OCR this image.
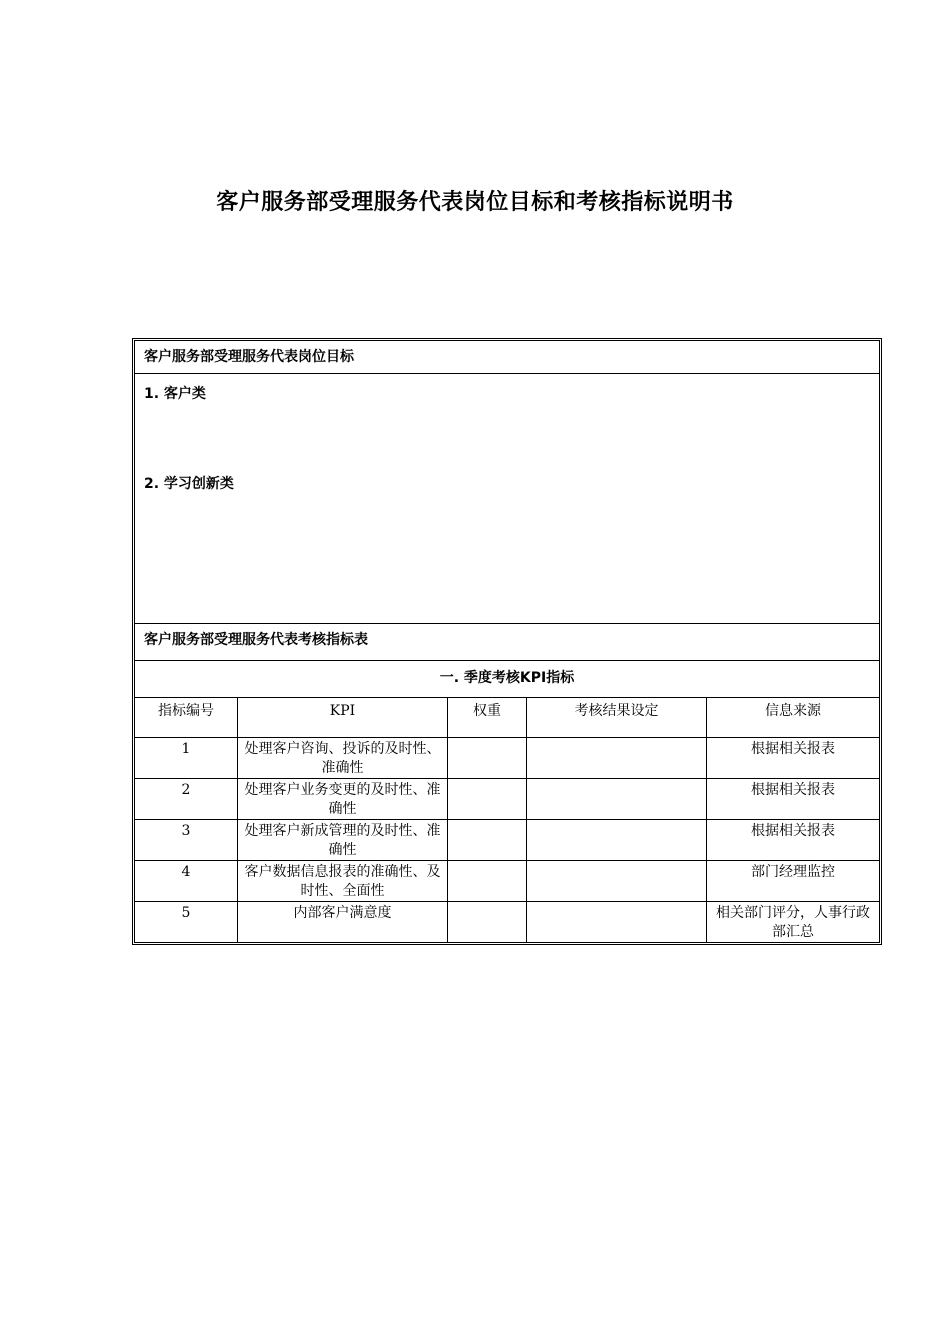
客户服务部受理服务代表岗位目标和考核指标说明书
客户服务部受理服务代表岗位目标
1. 客户类
2. 学习创新类
客户服务部受理服务代表考核指标表
一. 季度考核KPI指标
指标编号	KPI	权重	考核结果设定	信息来源
1	处理客户咨询、投诉的及时性、准确性			根据相关报表
2	处理客户业务变更的及时性、准确性			根据相关报表
3	处理客户新成管理的及时性、准确性			根据相关报表
4	客户数据信息报表的准确性、及时性、全面性			部门经理监控
5	内部客户满意度			相关部门评分，人事行政部汇总
